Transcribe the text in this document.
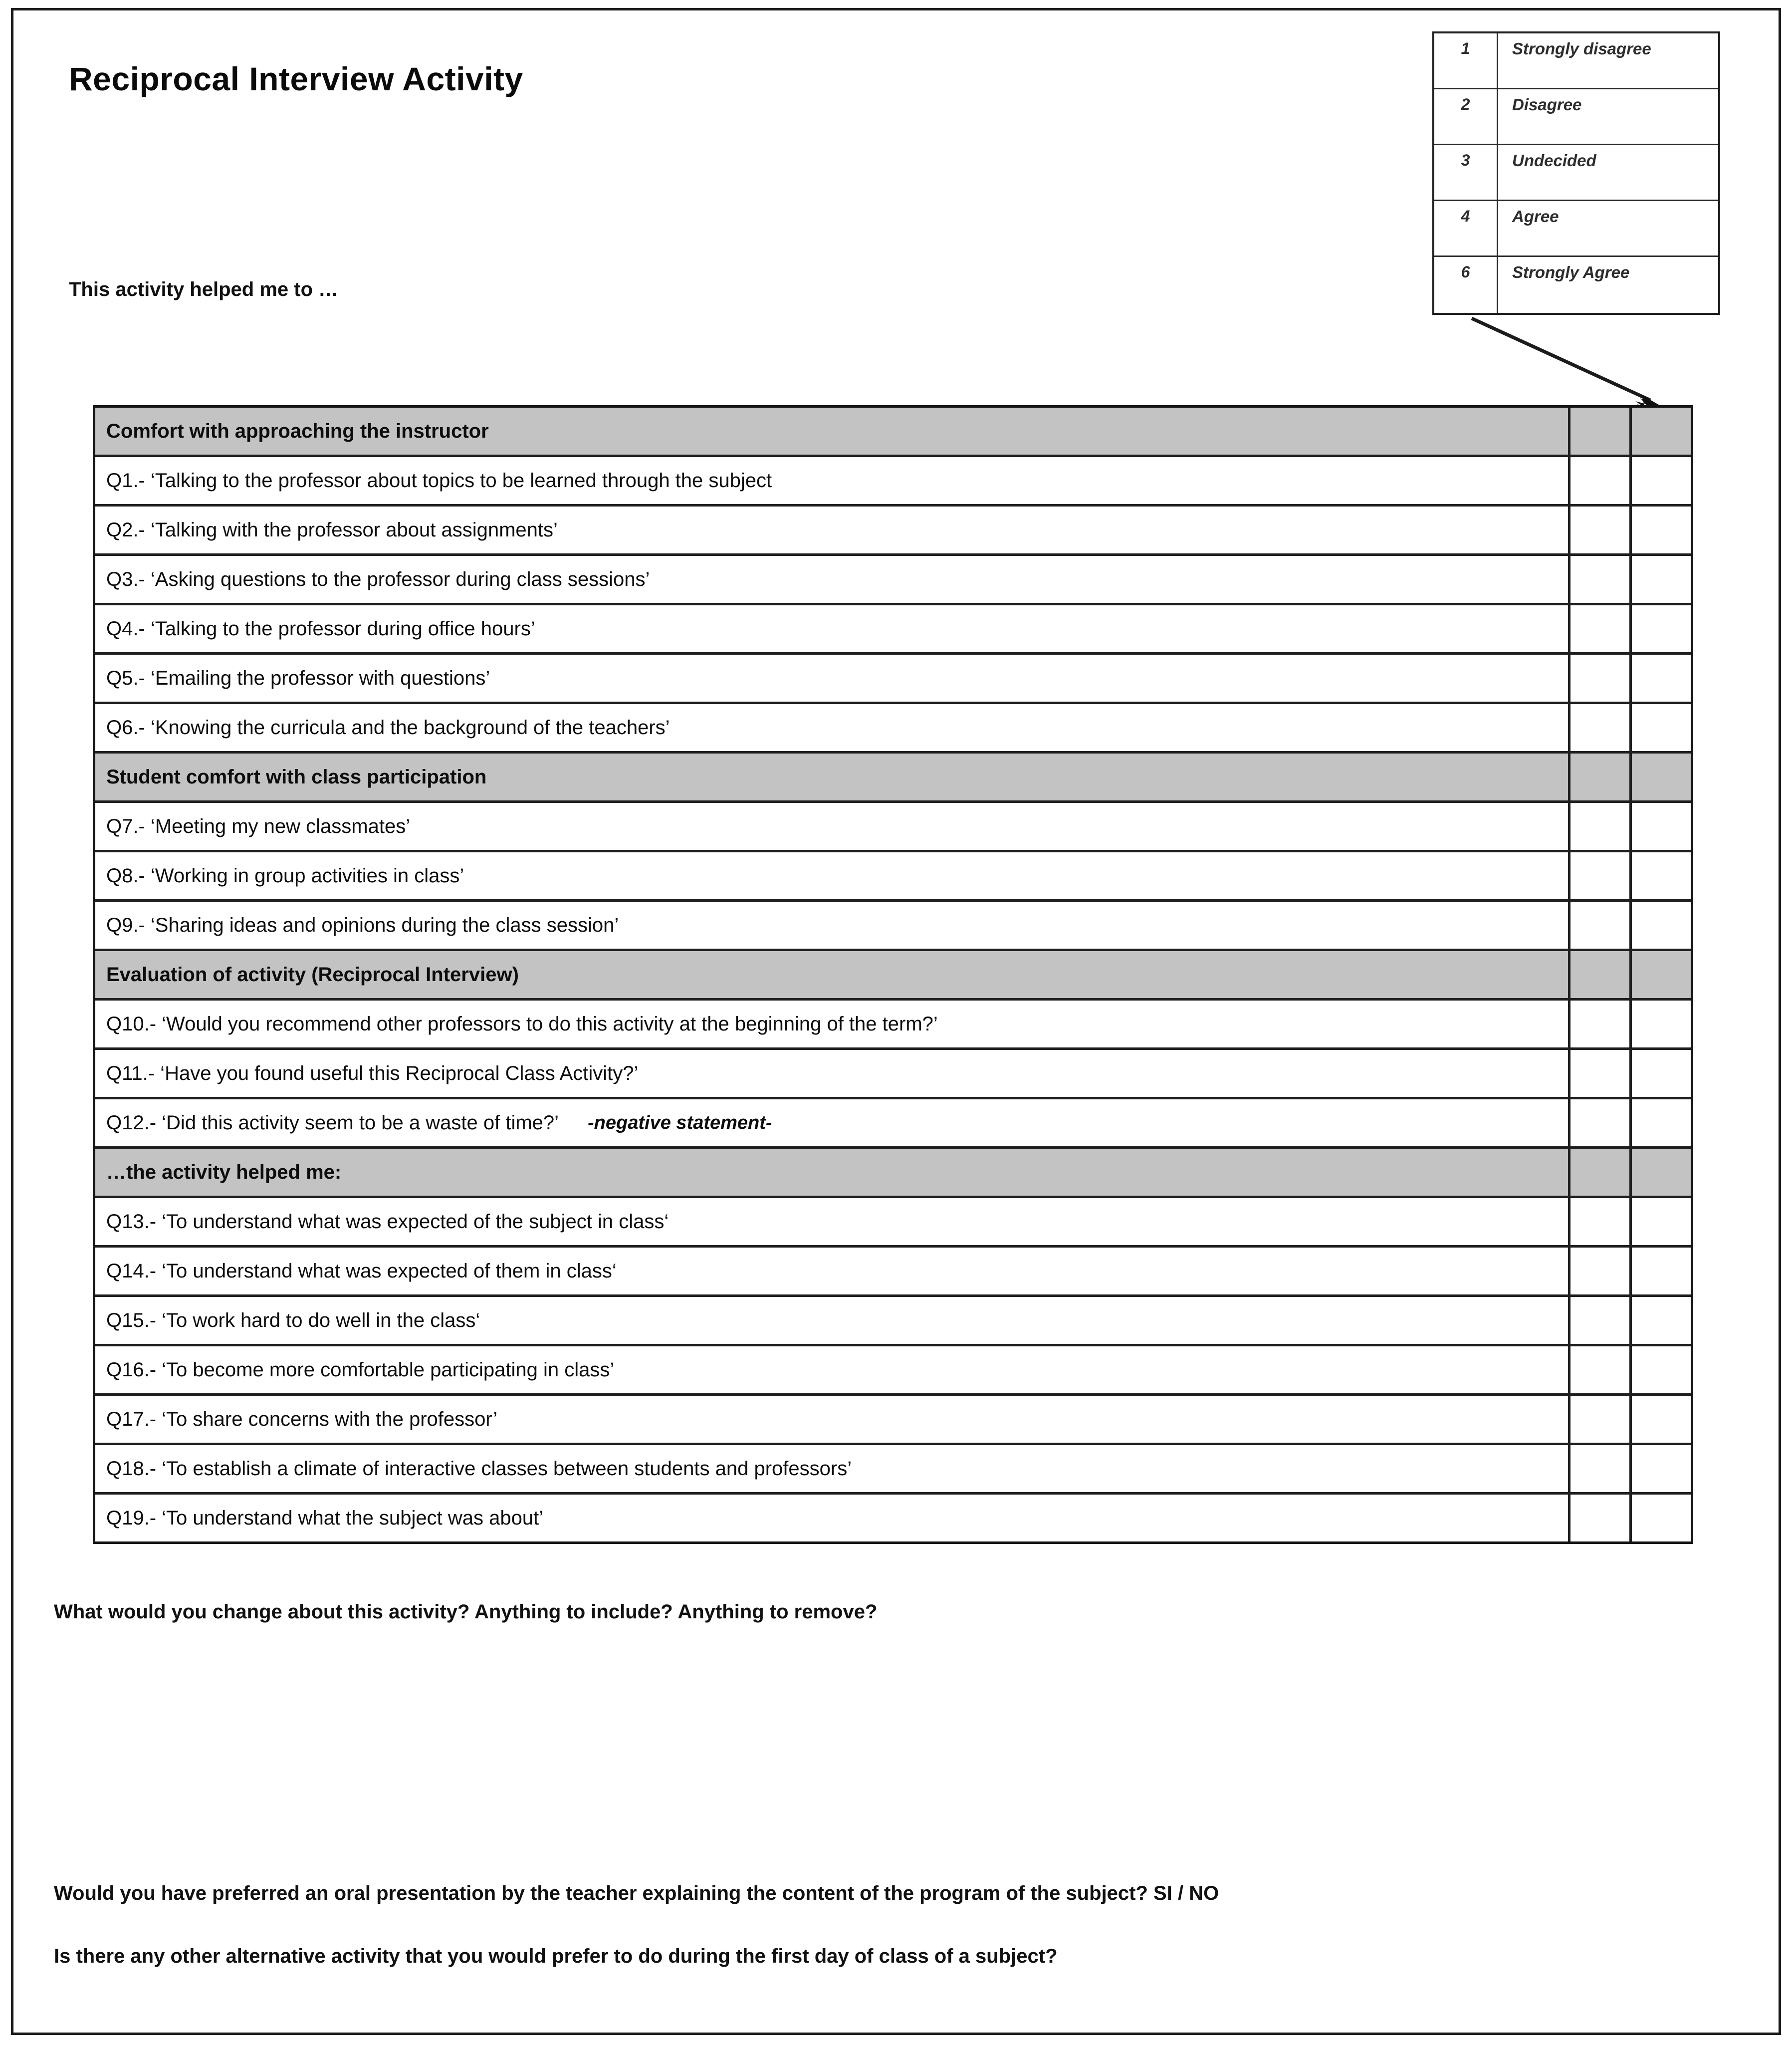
Reciprocal Interview Activity
1	Strongly disagree
2	Disagree
3	Undecided
4	Agree
6	Strongly Agree
This activity helped me to …
Comfort with approaching the instructor
Q1.- ‘Talking to the professor about topics to be learned through the subject
Q2.- ‘Talking with the professor about assignments’
Q3.- ‘Asking questions to the professor during class sessions’
Q4.- ‘Talking to the professor during office hours’
Q5.- ‘Emailing the professor with questions’
Q6.- ‘Knowing the curricula and the background of the teachers’
Student comfort with class participation
Q7.- ‘Meeting my new classmates’
Q8.- ‘Working in group activities in class’
Q9.- ‘Sharing ideas and opinions during the class session’
Evaluation of activity (Reciprocal Interview)
Q10.- ‘Would you recommend other professors to do this activity at the beginning of the term?’
Q11.- ‘Have you found useful this Reciprocal Class Activity?’
Q12.- ‘Did this activity seem to be a waste of time?’ -negative statement-
…the activity helped me:
Q13.- ‘To understand what was expected of the subject in class‘
Q14.- ‘To understand what was expected of them in class‘
Q15.- ‘To work hard to do well in the class‘
Q16.- ‘To become more comfortable participating in class’
Q17.- ‘To share concerns with the professor’
Q18.- ‘To establish a climate of interactive classes between students and professors’
Q19.- ‘To understand what the subject was about’
What would you change about this activity? Anything to include? Anything to remove?
Would you have preferred an oral presentation by the teacher explaining the content of the program of the subject? SI / NO
Is there any other alternative activity that you would prefer to do during the first day of class of a subject?
